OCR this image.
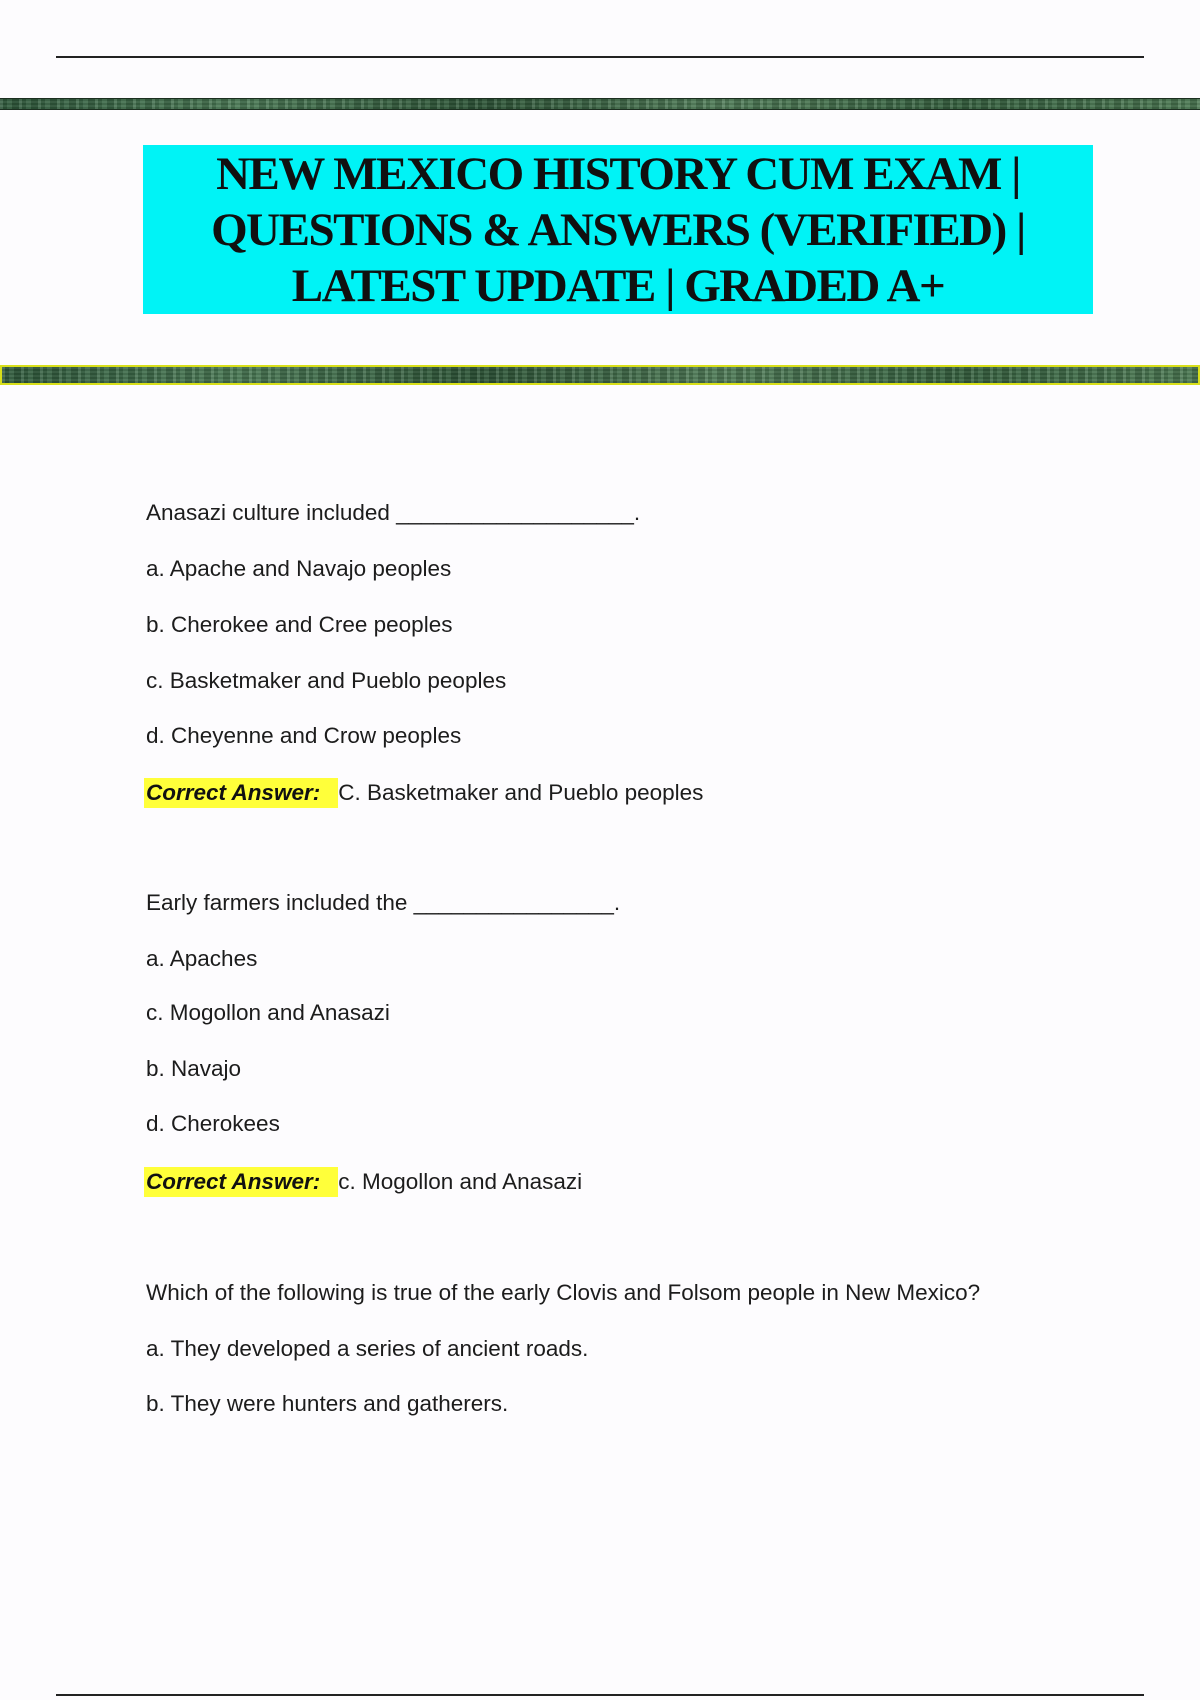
NEW MEXICO HISTORY CUM EXAM |
QUESTIONS & ANSWERS (VERIFIED) |
LATEST UPDATE | GRADED A+
Anasazi culture included ___________________.
a. Apache and Navajo peoples
b. Cherokee and Cree peoples
c. Basketmaker and Pueblo peoples
d. Cheyenne and Crow peoples
Correct Answer: C. Basketmaker and Pueblo peoples
Early farmers included the ________________.
a. Apaches
c. Mogollon and Anasazi
b. Navajo
d. Cherokees
Correct Answer: c. Mogollon and Anasazi
Which of the following is true of the early Clovis and Folsom people in New Mexico?
a. They developed a series of ancient roads.
b. They were hunters and gatherers.
